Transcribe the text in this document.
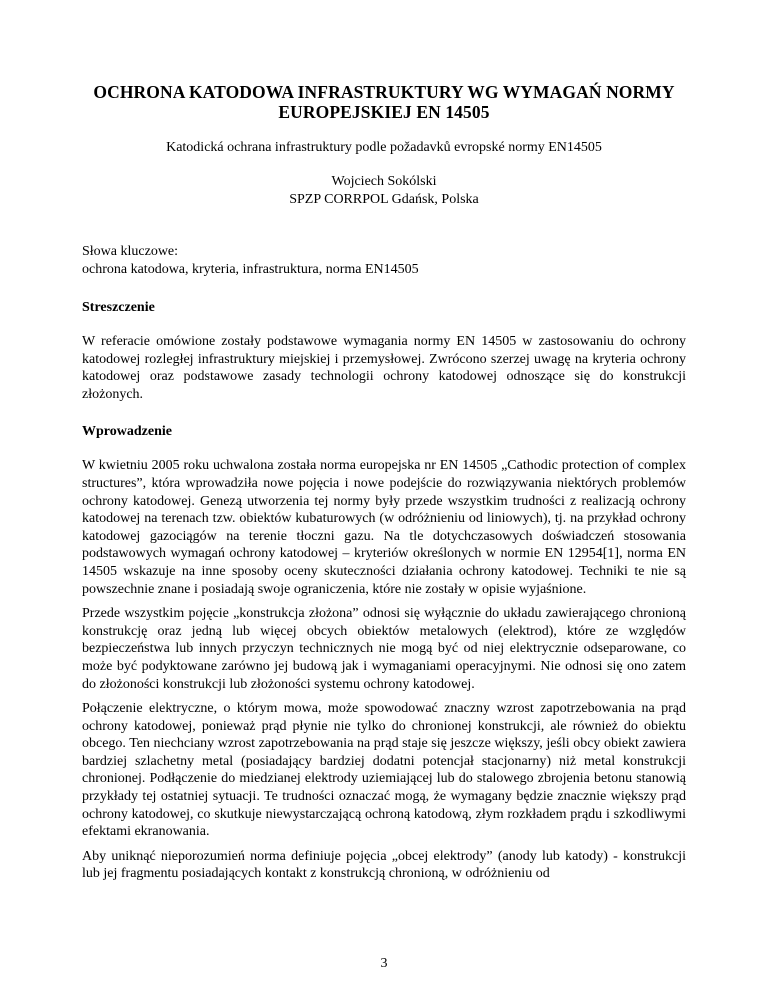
OCHRONA KATODOWA INFRASTRUKTURY WG WYMAGAŃ NORMY EUROPEJSKIEJ EN 14505
Katodická ochrana infrastruktury podle požadavků evropské normy EN14505
Wojciech Sokólski
SPZP CORRPOL Gdańsk, Polska
Słowa kluczowe:
ochrona katodowa, kryteria, infrastruktura, norma EN14505
Streszczenie

W referacie omówione zostały podstawowe wymagania normy EN 14505 w zastosowaniu do ochrony katodowej rozległej infrastruktury miejskiej i przemysłowej. Zwrócono szerzej uwagę na kryteria ochrony katodowej oraz podstawowe zasady technologii ochrony katodowej odnoszące się do konstrukcji złożonych.

Wprowadzenie

W kwietniu 2005 roku uchwalona została norma europejska nr EN 14505 „Cathodic protection of complex structures”, która wprowadziła nowe pojęcia i nowe podejście do rozwiązywania niektórych problemów ochrony katodowej. Genezą utworzenia tej normy były przede wszystkim trudności z realizacją ochrony katodowej na terenach tzw. obiektów kubaturowych (w odróżnieniu od liniowych), tj. na przykład ochrony katodowej gazociągów na terenie tłoczni gazu. Na tle dotychczasowych doświadczeń stosowania podstawowych wymagań ochrony katodowej – kryteriów określonych w normie EN 12954[1], norma EN 14505 wskazuje na inne sposoby oceny skuteczności działania ochrony katodowej. Techniki te nie są powszechnie znane i posiadają swoje ograniczenia, które nie zostały w opisie wyjaśnione.

Przede wszystkim pojęcie „konstrukcja złożona” odnosi się wyłącznie do układu zawierającego chronioną konstrukcję oraz jedną lub więcej obcych obiektów metalowych (elektrod), które ze względów bezpieczeństwa lub innych przyczyn technicznych nie mogą być od niej elektrycznie odseparowane, co może być podyktowane zarówno jej budową jak i wymaganiami operacyjnymi. Nie odnosi się ono zatem do złożoności konstrukcji lub złożoności systemu ochrony katodowej.

Połączenie elektryczne, o którym mowa, może spowodować znaczny wzrost zapotrzebowania na prąd ochrony katodowej, ponieważ prąd płynie nie tylko do chronionej konstrukcji, ale również do obiektu obcego. Ten niechciany wzrost zapotrzebowania na prąd staje się jeszcze większy, jeśli obcy obiekt zawiera bardziej szlachetny metal (posiadający bardziej dodatni potencjał stacjonarny) niż metal konstrukcji chronionej. Podłączenie do miedzianej elektrody uziemiającej lub do stalowego zbrojenia betonu stanowią przykłady tej ostatniej sytuacji. Te trudności oznaczać mogą, że wymagany będzie znacznie większy prąd ochrony katodowej, co skutkuje niewystarczającą ochroną katodową, złym rozkładem prądu i szkodliwymi efektami ekranowania.

Aby uniknąć nieporozumień norma definiuje pojęcia „obcej elektrody” (anody lub katody) - konstrukcji lub jej fragmentu posiadających kontakt z konstrukcją chronioną, w odróżnieniu od

3
